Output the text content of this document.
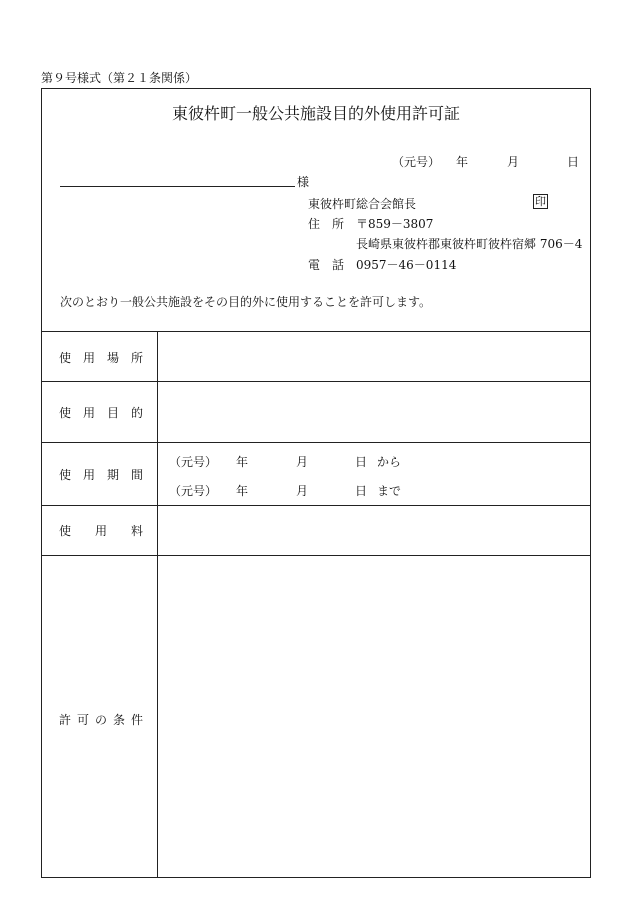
第９号様式（第２１条関係）
東彼杵町一般公共施設目的外使用許可証
（元号） 年	月	日
様
東彼杵町総合会館長	印
住　所 〒859－3807
長崎県東彼杵郡東彼杵町彼杵宿郷 706－4
電　話 0957－46－0114
次のとおり一般公共施設をその目的外に使用することを許可します。
使 用 場 所
使 用 目 的
使 用 期 間
（元号） 年	月	日 から
（元号） 年	月	日 まで
使 用 料
許 可 の 条 件
